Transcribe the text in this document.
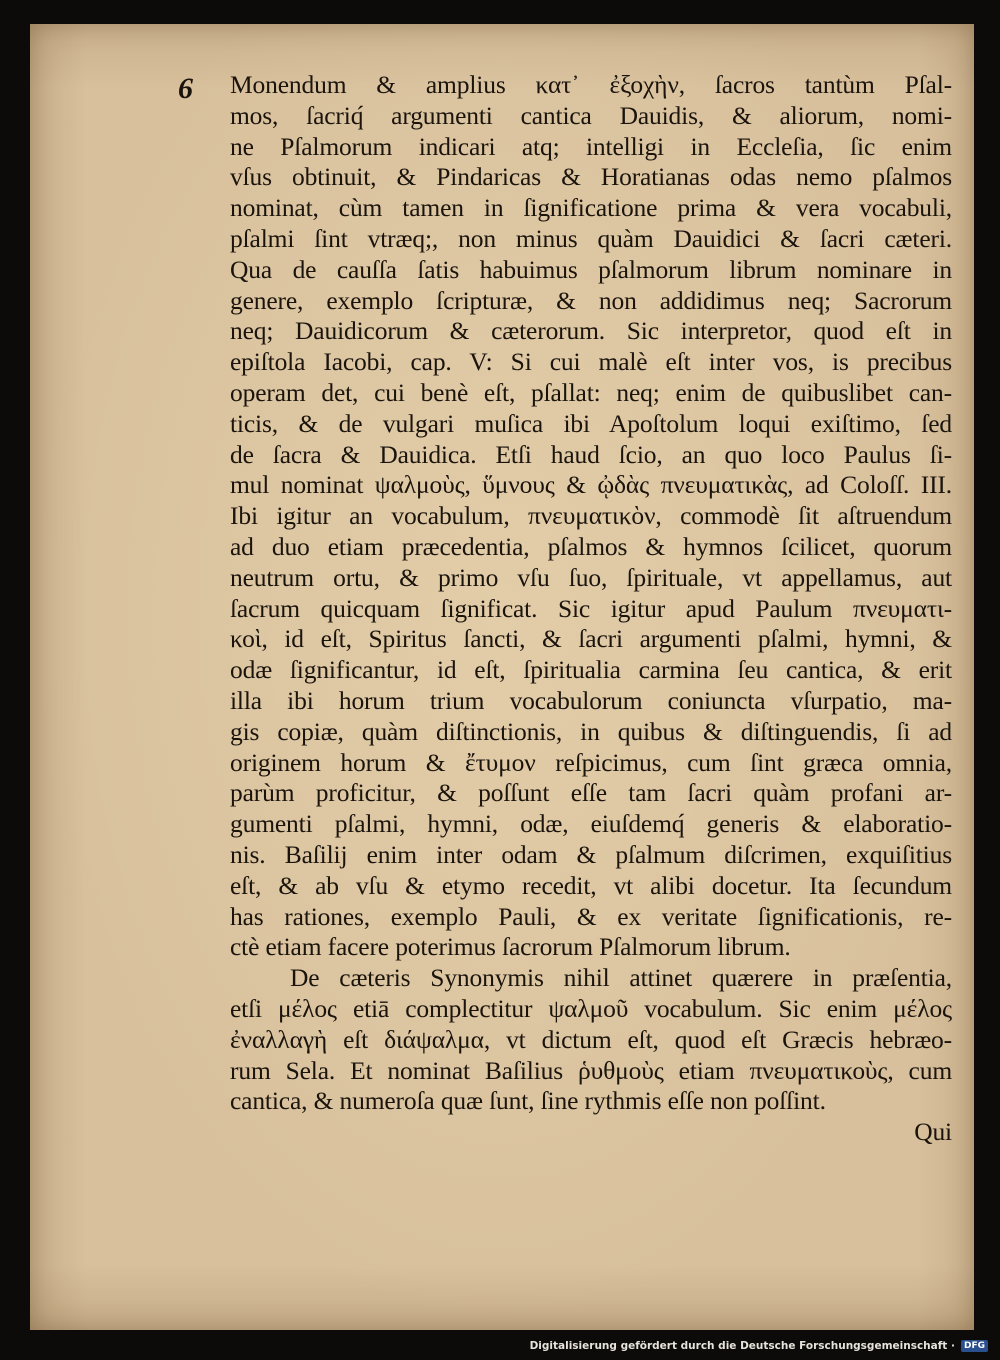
6 Monendum & amplius κατ᾽ ἐξοχὴν, ſacros tantùm Pſal-
mos, ſacriq́ argumenti cantica Dauidis, & aliorum, nomi-
ne Pſalmorum indicari atq; intelligi in Eccleſia, ſic enim
vſus obtinuit, & Pindaricas & Horatianas odas nemo pſalmos
nominat, cùm tamen in ſignificatione prima & vera vocabuli,
pſalmi ſint vtræq;, non minus quàm Dauidici & ſacri cæteri.
Qua de cauſſa ſatis habuimus pſalmorum librum nominare in
genere, exemplo ſcripturæ, & non addidimus neq; Sacrorum
neq; Dauidicorum & cæterorum. Sic interpretor, quod eſt in
epiſtola Iacobi, cap. V: Si cui malè eſt inter vos, is precibus
operam det, cui benè eſt, pſallat: neq; enim de quibuslibet can-
ticis, & de vulgari muſica ibi Apoſtolum loqui exiſtimo, ſed
de ſacra & Dauidica. Etſi haud ſcio, an quo loco Paulus ſi-
mul nominat ψαλμοὺς, ὕμνους & ᾠδὰς πνευματικὰς, ad Coloſſ. III.
Ibi igitur an vocabulum, πνευματικὸν, commodè ſit aſtruendum
ad duo etiam præcedentia, pſalmos & hymnos ſcilicet, quorum
neutrum ortu, & primo vſu ſuo, ſpirituale, vt appellamus, aut
ſacrum quicquam ſignificat. Sic igitur apud Paulum πνευματι-
κοὶ, id eſt, Spiritus ſancti, & ſacri argumenti pſalmi, hymni, &
odæ ſignificantur, id eſt, ſpiritualia carmina ſeu cantica, & erit
illa ibi horum trium vocabulorum coniuncta vſurpatio, ma-
gis copiæ, quàm diſtinctionis, in quibus & diſtinguendis, ſi ad
originem horum & ἔτυμον reſpicimus, cum ſint græca omnia,
parùm proficitur, & poſſunt eſſe tam ſacri quàm profani ar-
gumenti pſalmi, hymni, odæ, eiuſdemq́ generis & elaboratio-
nis. Baſilij enim inter odam & pſalmum diſcrimen, exquiſitius
eſt, & ab vſu & etymo recedit, vt alibi docetur. Ita ſecundum
has rationes, exemplo Pauli, & ex veritate ſignificationis, re-
ctè etiam facere poterimus ſacrorum Pſalmorum librum.
De cæteris Synonymis nihil attinet quærere in præſentia,
etſi μέλος etiā complectitur ψαλμοῦ vocabulum. Sic enim μέλος
ἐναλλαγὴ eſt διάψαλμα, vt dictum eſt, quod eſt Græcis hebræo-
rum Sela. Et nominat Baſilius ῥυθμοὺς etiam πνευματικοὺς, cum
cantica, & numeroſa quæ ſunt, ſine rythmis eſſe non poſſint.
Qui
Digitalisierung gefördert durch die Deutsche Forschungsgemeinschaft ·	DFG
